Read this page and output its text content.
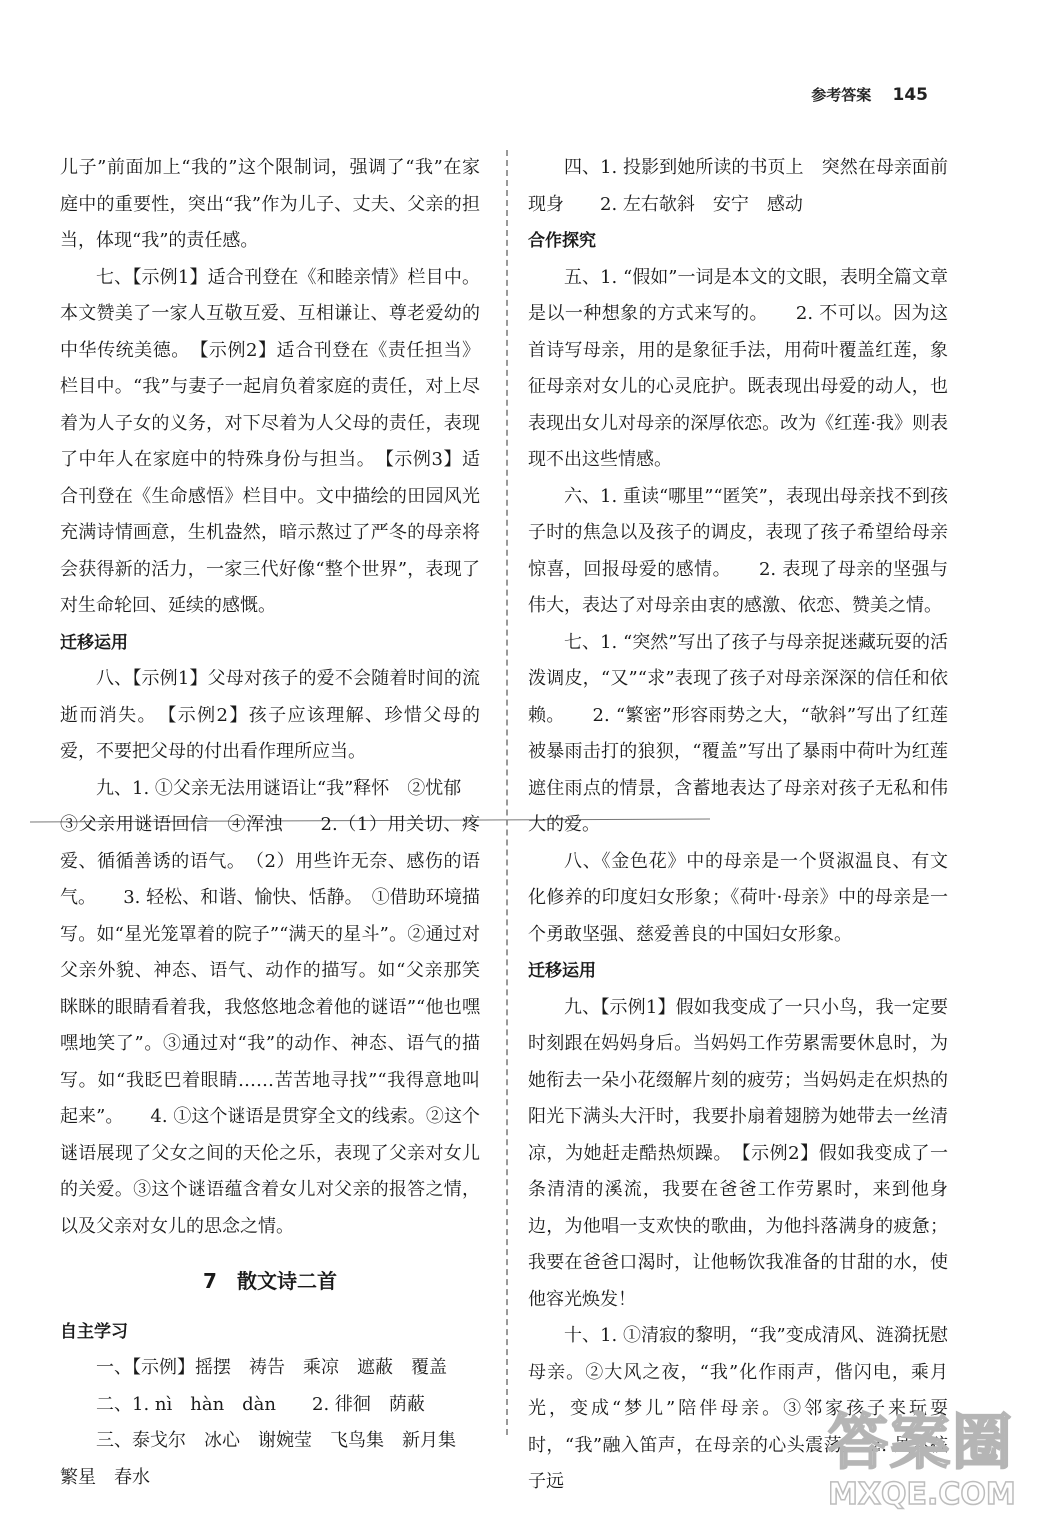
参考答案 145

儿子”前面加上“我的”这个限制词，强调了“我”在家庭中的重要性，突出“我”作为儿子、丈夫、父亲的担当，体现“我”的责任感。

七、【示例1】适合刊登在《和睦亲情》栏目中。本文赞美了一家人互敬互爱、互相谦让、尊老爱幼的中华传统美德。　【示例2】适合刊登在《责任担当》栏目中。“我”与妻子一起肩负着家庭的责任，对上尽着为人子女的义务，对下尽着为人父母的责任，表现了中年人在家庭中的特殊身份与担当。　【示例3】适合刊登在《生命感悟》栏目中。文中描绘的田园风光充满诗情画意，生机盎然，暗示熬过了严冬的母亲将会获得新的活力，一家三代好像“整个世界”，表现了对生命轮回、延续的感慨。

迁移运用

八、【示例1】父母对孩子的爱不会随着时间的流逝而消失。　【示例2】孩子应该理解、珍惜父母的爱，不要把父母的付出看作理所应当。

九、1. ①父亲无法用谜语让“我”释怀　②忧郁

③父亲用谜语回信　④浑浊　　2.（1）用关切、疼爱、循循善诱的语气。　（2）用些许无奈、感伤的语气。　　3. 轻松、和谐、愉快、恬静。　①借助环境描写。如“星光笼罩着的院子”“满天的星斗”。②通过对父亲外貌、神态、语气、动作的描写。如“父亲那笑眯眯的眼睛看着我，我悠悠地念着他的谜语”“他也嘿嘿地笑了”。③通过对“我”的动作、神态、语气的描写。如“我眨巴着眼睛……苦苦地寻找”“我得意地叫起来”。　　4. ①这个谜语是贯穿全文的线索。②这个谜语展现了父女之间的天伦之乐，表现了父亲对女儿的关爱。③这个谜语蕴含着女儿对父亲的报答之情，以及父亲对女儿的思念之情。

7　散文诗二首
自主学习

一、【示例】摇摆　祷告　乘凉　遮蔽　覆盖

二、1. nì　hàn　dàn　　2. 徘徊　荫蔽

三、泰戈尔　冰心　谢婉莹　飞鸟集　新月集

繁星　春水

四、1. 投影到她所读的书页上　突然在母亲面前现身　　2. 左右欹斜　安宁　感动

合作探究

五、1. “假如”一词是本文的文眼，表明全篇文章是以一种想象的方式来写的。　　2. 不可以。因为这首诗写母亲，用的是象征手法，用荷叶覆盖红莲，象征母亲对女儿的心灵庇护。既表现出母爱的动人，也表现出女儿对母亲的深厚依恋。改为《红莲·我》则表现不出这些情感。

六、1. 重读“哪里”“匿笑”，表现出母亲找不到孩子时的焦急以及孩子的调皮，表现了孩子希望给母亲惊喜，回报母爱的感情。　　2. 表现了母亲的坚强与伟大，表达了对母亲由衷的感激、依恋、赞美之情。

七、1. “突然”写出了孩子与母亲捉迷藏玩耍的活泼调皮，“又”“求”表现了孩子对母亲深深的信任和依赖。　　2. “繁密”形容雨势之大，“欹斜”写出了红莲被暴雨击打的狼狈，“覆盖”写出了暴雨中荷叶为红莲遮住雨点的情景，含蓄地表达了母亲对孩子无私和伟大的爱。

八、《金色花》中的母亲是一个贤淑温良、有文化修养的印度妇女形象；《荷叶·母亲》中的母亲是一个勇敢坚强、慈爱善良的中国妇女形象。

迁移运用

九、【示例1】假如我变成了一只小鸟，我一定要时刻跟在妈妈身后。当妈妈工作劳累需要休息时，为她衔去一朵小花缀解片刻的疲劳；当妈妈走在炽热的阳光下满头大汗时，我要扑扇着翅膀为她带去一丝清凉，为她赶走酷热烦躁。　【示例2】假如我变成了一条清清的溪流，我要在爸爸工作劳累时，来到他身边，为他唱一支欢快的歌曲，为他抖落满身的疲惫；我要在爸爸口渴时，让他畅饮我准备的甘甜的水，使他容光焕发！

十、1. ①清寂的黎明，“我”变成清风、涟漪抚慰母亲。②大风之夜，“我”化作雨声，偕闪电，乘月光，变成“梦儿”陪伴母亲。③邻家孩子来玩耍时，“我”融入笛声，在母亲的心头震荡。　2. 虽然孩子远

答案圈
MXQE.COM
